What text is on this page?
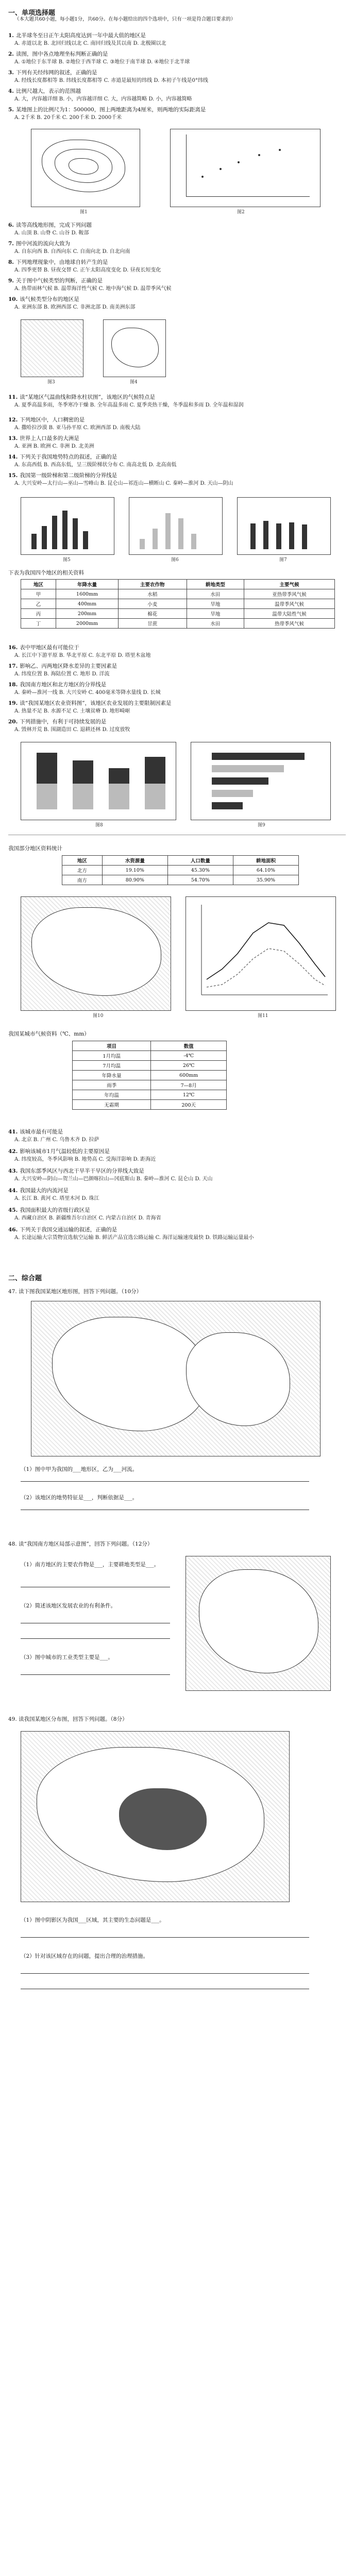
一、单项选择题
（本大题共60小题，每小题1分，共60分。在每小题给出的四个选项中，只有一项是符合题目要求的）
1. 北半球冬至日正午太阳高度达到一年中最大值的地区是
A. 赤道以北 B. 北回归线以北 C. 南回归线及其以南 D. 北极圈以北
2. 读图，图中各点地理坐标判断正确的是
A. ①地位于东半球 B. ②地位于西半球 C. ③地位于南半球 D. ④地位于北半球
3. 下列有关经纬网的叙述，正确的是
A. 经线长度都相等 B. 纬线长度都相等 C. 赤道是最短的纬线 D. 本初子午线是0°纬线
4. 比例尺越大，表示的范围越
A. 大，内容越详细 B. 小，内容越详细 C. 大，内容越简略 D. 小，内容越简略
5. 某地图上的比例尺为1：500000，图上两地距离为4厘米，则两地的实际距离是
A. 2千米 B. 20千米 C. 200千米 D. 2000千米
图1	图2
6. 读等高线地形图，完成下列问题
A. 山顶 B. 山脊 C. 山谷 D. 鞍部
7. 图中河流的流向大致为
A. 自东向西 B. 自西向东 C. 自南向北 D. 自北向南
8. 下列地理现象中，由地球自转产生的是
A. 四季更替 B. 昼夜交替 C. 正午太阳高度变化 D. 昼夜长短变化
9. 关于图中气候类型的判断，正确的是
A. 热带雨林气候 B. 温带海洋性气候 C. 地中海气候 D. 温带季风气候
10. 该气候类型分布的地区是
A. 亚洲东部 B. 欧洲西部 C. 非洲北部 D. 南美洲东部
图3	图4
11. 读“某地区气温曲线和降水柱状图”，该地区的气候特点是
A. 夏季高温多雨，冬季寒冷干燥 B. 全年高温多雨 C. 夏季炎热干燥，冬季温和多雨 D. 全年温和湿润
12. 下列地区中，人口稠密的是
A. 撒哈拉沙漠 B. 亚马孙平原 C. 欧洲西部 D. 南极大陆
13. 世界上人口最多的大洲是
A. 亚洲 B. 欧洲 C. 非洲 D. 北美洲
14. 下列关于我国地势特点的叙述，正确的是
A. 东高西低 B. 西高东低，呈三级阶梯状分布 C. 南高北低 D. 北高南低
15. 我国第一级阶梯和第二级阶梯的分界线是
A. 大兴安岭—太行山—巫山—雪峰山 B. 昆仑山—祁连山—横断山 C. 秦岭—淮河 D. 天山—阴山
图5	图6	图7
下表为我国四个地区的相关资料
地区	年降水量	主要农作物	耕地类型	主要气候
甲	1600mm	水稻	水田	亚热带季风气候
乙	400mm	小麦	旱地	温带季风气候
丙	200mm	棉花	旱地	温带大陆性气候
丁	2000mm	甘蔗	水田	热带季风气候
16. 表中甲地区最有可能位于
A. 长江中下游平原 B. 华北平原 C. 东北平原 D. 塔里木盆地
17. 影响乙、丙两地区降水差异的主要因素是
A. 纬度位置 B. 海陆位置 C. 地形 D. 洋流
18. 我国南方地区和北方地区的分界线是
A. 秦岭—淮河一线 B. 大兴安岭 C. 400毫米等降水量线 D. 长城
19. 读“我国某地区农业资料图”，该地区农业发展的主要限制因素是
A. 热量不足 B. 水源不足 C. 土壤贫瘠 D. 地形崎岖
20. 下列措施中，有利于可持续发展的是
A. 毁林开荒 B. 围湖造田 C. 退耕还林 D. 过度放牧
图8	图9
我国部分地区资料统计
地区	水资源量	人口数量	耕地面积
北方	19.10%	45.30%	64.10%
南方	80.90%	54.70%	35.90%
图10	图11
我国某城市气候资料（℃、mm）
项目	数值
1月均温	-4℃
7月均温	26℃
年降水量	600mm
雨季	7—8月
年均温	12℃
无霜期	200天
41. 该城市最有可能是
A. 北京 B. 广州 C. 乌鲁木齐 D. 拉萨
42. 影响该城市1月气温较低的主要原因是
A. 纬度较高，冬季风影响 B. 地势高 C. 受海洋影响 D. 距海近
43. 我国东部季风区与西北干旱半干旱区的分界线大致是
A. 大兴安岭—阴山—贺兰山—巴颜喀拉山—冈底斯山 B. 秦岭—淮河 C. 昆仑山 D. 天山
44. 我国最大的内流河是
A. 长江 B. 黄河 C. 塔里木河 D. 珠江
45. 我国面积最大的省级行政区是
A. 西藏自治区 B. 新疆维吾尔自治区 C. 内蒙古自治区 D. 青海省
46. 下列关于我国交通运输的叙述，正确的是
A. 长途运输大宗货物宜选航空运输 B. 鲜活产品宜选公路运输 C. 海洋运输速度最快 D. 铁路运输运量最小
二、综合题
47. 读下图我国某地区地形图，回答下列问题。（10分）
（1）图中甲为我国的___地形区，乙为___河流。
（2）该地区的地势特征是___，判断依据是___。
48. 读“我国南方地区局部示意图”，回答下列问题。（12分）
（1）南方地区的主要农作物是___，主要耕地类型是___。
（2）简述该地区发展农业的有利条件。
（3）图中城市的工业类型主要是___。
49. 读我国某地区分布图，回答下列问题。（8分）
（1）图中阴影区为我国___区域，其主要的生态问题是___。
（2）针对该区域存在的问题，提出合理的治理措施。
